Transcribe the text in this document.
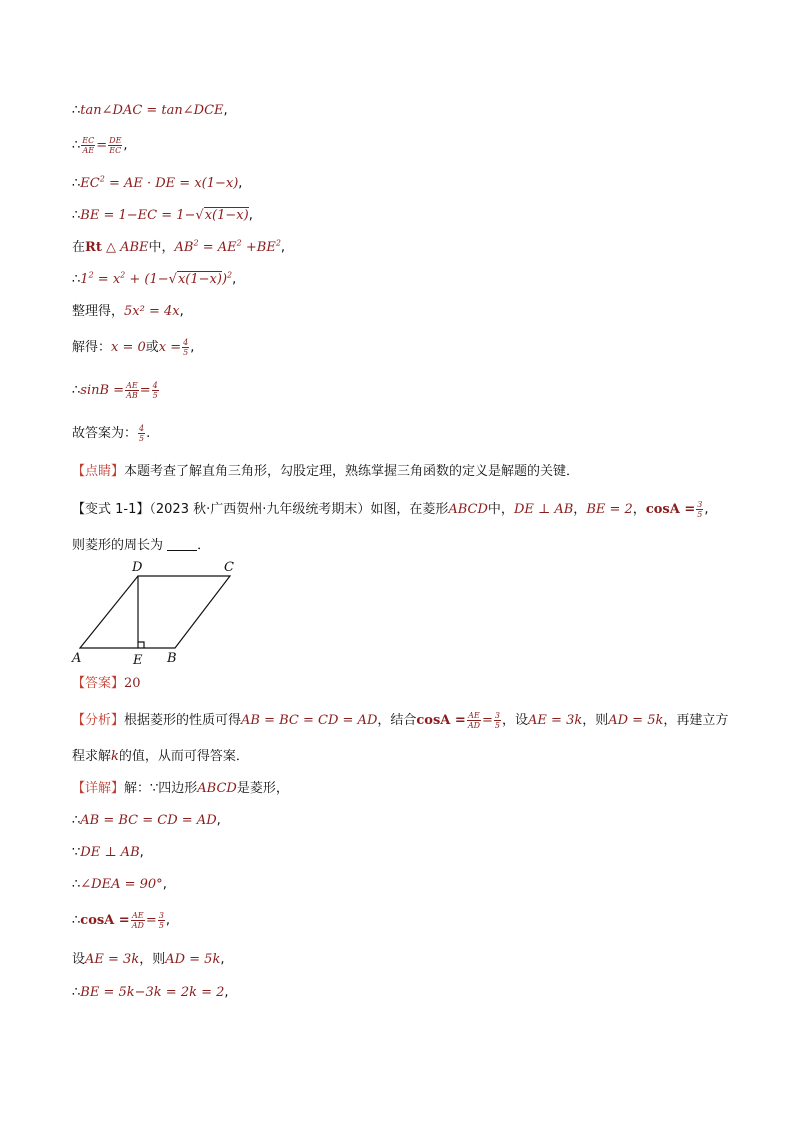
∴tan∠DAC = tan∠DCE,
∴ $\frac{EC}{AE} = \frac{DE}{EC}$ ,
$\therefore EC^2$ = AE · DE = x(1−x),
∴BE = 1−EC = 1−√x(1−x),
在Rt △ ABE中，$AB^2 = AE^2 +BE^2$,
$\therefore 1^2 = x^2 + (1-√x(1-x))^2$,
整理得，5x² = 4x,
解得：x = 0或$x = \frac{4}{5}$ ,
∴sinB = $\frac{AE}{AB} = \frac{4}{5}$
故答案为： $\frac{4}{5}$ .
【点睛】本题考查了解直角三角形，勾股定理，熟练掌握三角函数的定义是解题的关键．
【变式 1-1】（2023 秋·广西贺州·九年级统考期末）如图，在菱形ABCD中，DE ⊥ AB，BE = 2，$\cos A = \frac{3}{5}$ ,
则菱形的周长为	．
D	C
A	E B
【答案】20
【分析】根据菱形的性质可得AB = BC = CD = AD，结合$\cos A = \frac{AE}{AD} = \frac{3}{5}$ ，设AE = 3k，则AD = 5k，再建立方
程求解k的值，从而可得答案．
【详解】解：∵四边形ABCD是菱形，
∴AB = BC = CD = AD,
∵DE ⊥ AB,
∴∠DEA = 90°,
∴cosA = $\frac{AE}{AD} = \frac{3}{5}$ ,
设AE = 3k，则AD = 5k,
∴BE = 5k−3k = 2k = 2,
